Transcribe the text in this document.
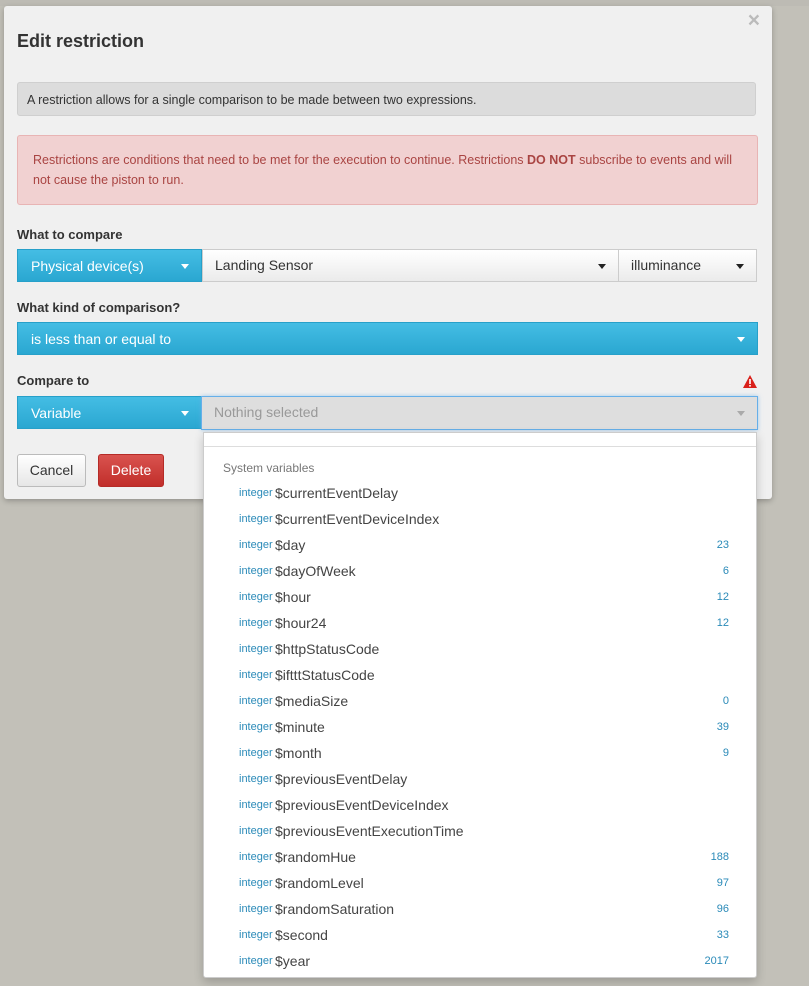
×
Edit restriction
A restriction allows for a single comparison to be made between two expressions.
Restrictions are conditions that need to be met for the execution to continue. Restrictions DO NOT subscribe to events and will not cause the piston to run.
What to compare
Physical device(s)	Landing Sensor	illuminance
What kind of comparison?
is less than or equal to
Compare to
Variable	Nothing selected
Cancel	Delete	System variables
integer $currentEventDelay
integer $currentEventDeviceIndex
integer $day	23
integer $dayOfWeek	6
integer $hour	12
integer $hour24	12
integer $httpStatusCode
integer $iftttStatusCode
integer $mediaSize	0
integer $minute	39
integer $month	9
integer $previousEventDelay
integer $previousEventDeviceIndex
integer $previousEventExecutionTime
integer $randomHue	188
integer $randomLevel	97
integer $randomSaturation	96
integer $second	33
integer $year	2017
